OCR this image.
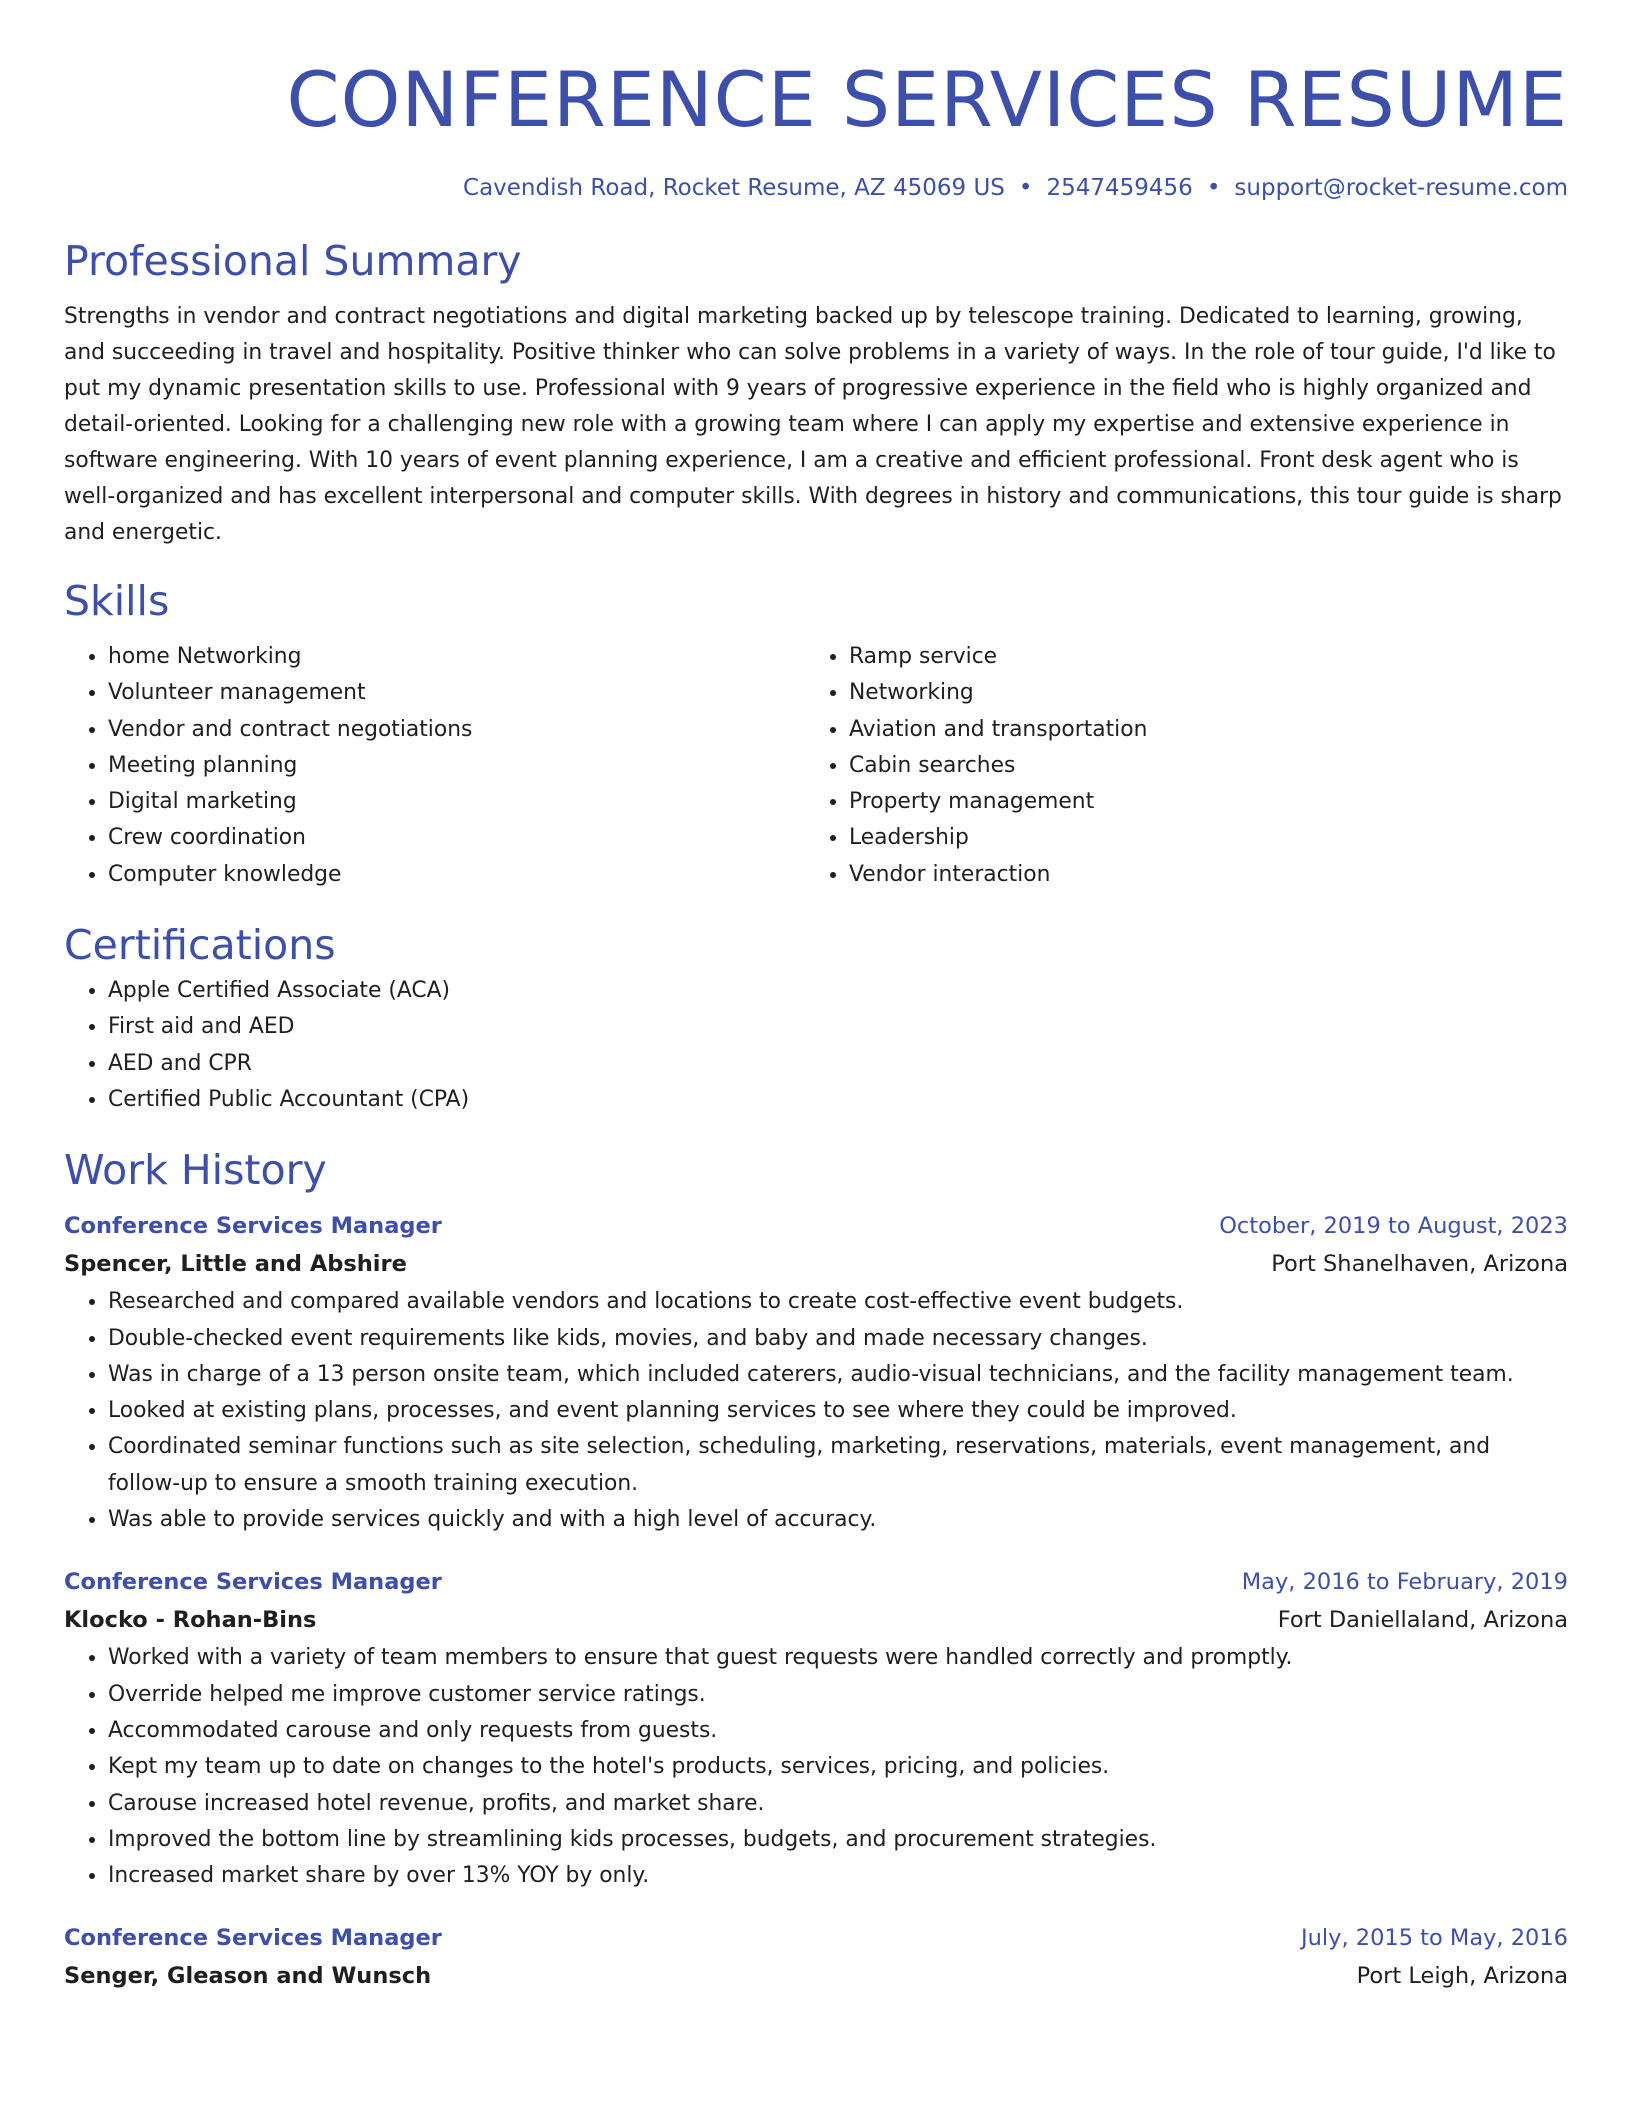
CONFERENCE SERVICES RESUME
Cavendish Road, Rocket Resume, AZ 45069 US • 2547459456 • support@rocket-resume.com
Professional Summary

Strengths in vendor and contract negotiations and digital marketing backed up by telescope training. Dedicated to learning, growing, and succeeding in travel and hospitality. Positive thinker who can solve problems in a variety of ways. In the role of tour guide, I'd like to put my dynamic presentation skills to use. Professional with 9 years of progressive experience in the field who is highly organized and detail-oriented. Looking for a challenging new role with a growing team where I can apply my expertise and extensive experience in software engineering. With 10 years of event planning experience, I am a creative and efficient professional. Front desk agent who is well-organized and has excellent interpersonal and computer skills. With degrees in history and communications, this tour guide is sharp and energetic.

Skills
• home Networking
• Volunteer management
• Vendor and contract negotiations
• Meeting planning
• Digital marketing
• Crew coordination
• Computer knowledge
• Ramp service
• Networking
• Aviation and transportation
• Cabin searches
• Property management
• Leadership
• Vendor interaction
Certifications
• Apple Certified Associate (ACA)
• First aid and AED
• AED and CPR
• Certified Public Accountant (CPA)
Work History
Conference Services Manager	October, 2019 to August, 2023
Spencer, Little and Abshire	Port Shanelhaven, Arizona
• Researched and compared available vendors and locations to create cost-effective event budgets.
• Double-checked event requirements like kids, movies, and baby and made necessary changes.
• Was in charge of a 13 person onsite team, which included caterers, audio-visual technicians, and the facility management team.
• Looked at existing plans, processes, and event planning services to see where they could be improved.
• Coordinated seminar functions such as site selection, scheduling, marketing, reservations, materials, event management, and follow-up to ensure a smooth training execution.
• Was able to provide services quickly and with a high level of accuracy.
Conference Services Manager	May, 2016 to February, 2019
Klocko - Rohan-Bins	Fort Daniellaland, Arizona
• Worked with a variety of team members to ensure that guest requests were handled correctly and promptly.
• Override helped me improve customer service ratings.
• Accommodated carouse and only requests from guests.
• Kept my team up to date on changes to the hotel's products, services, pricing, and policies.
• Carouse increased hotel revenue, profits, and market share.
• Improved the bottom line by streamlining kids processes, budgets, and procurement strategies.
• Increased market share by over 13% YOY by only.
Conference Services Manager	July, 2015 to May, 2016
Senger, Gleason and Wunsch	Port Leigh, Arizona
